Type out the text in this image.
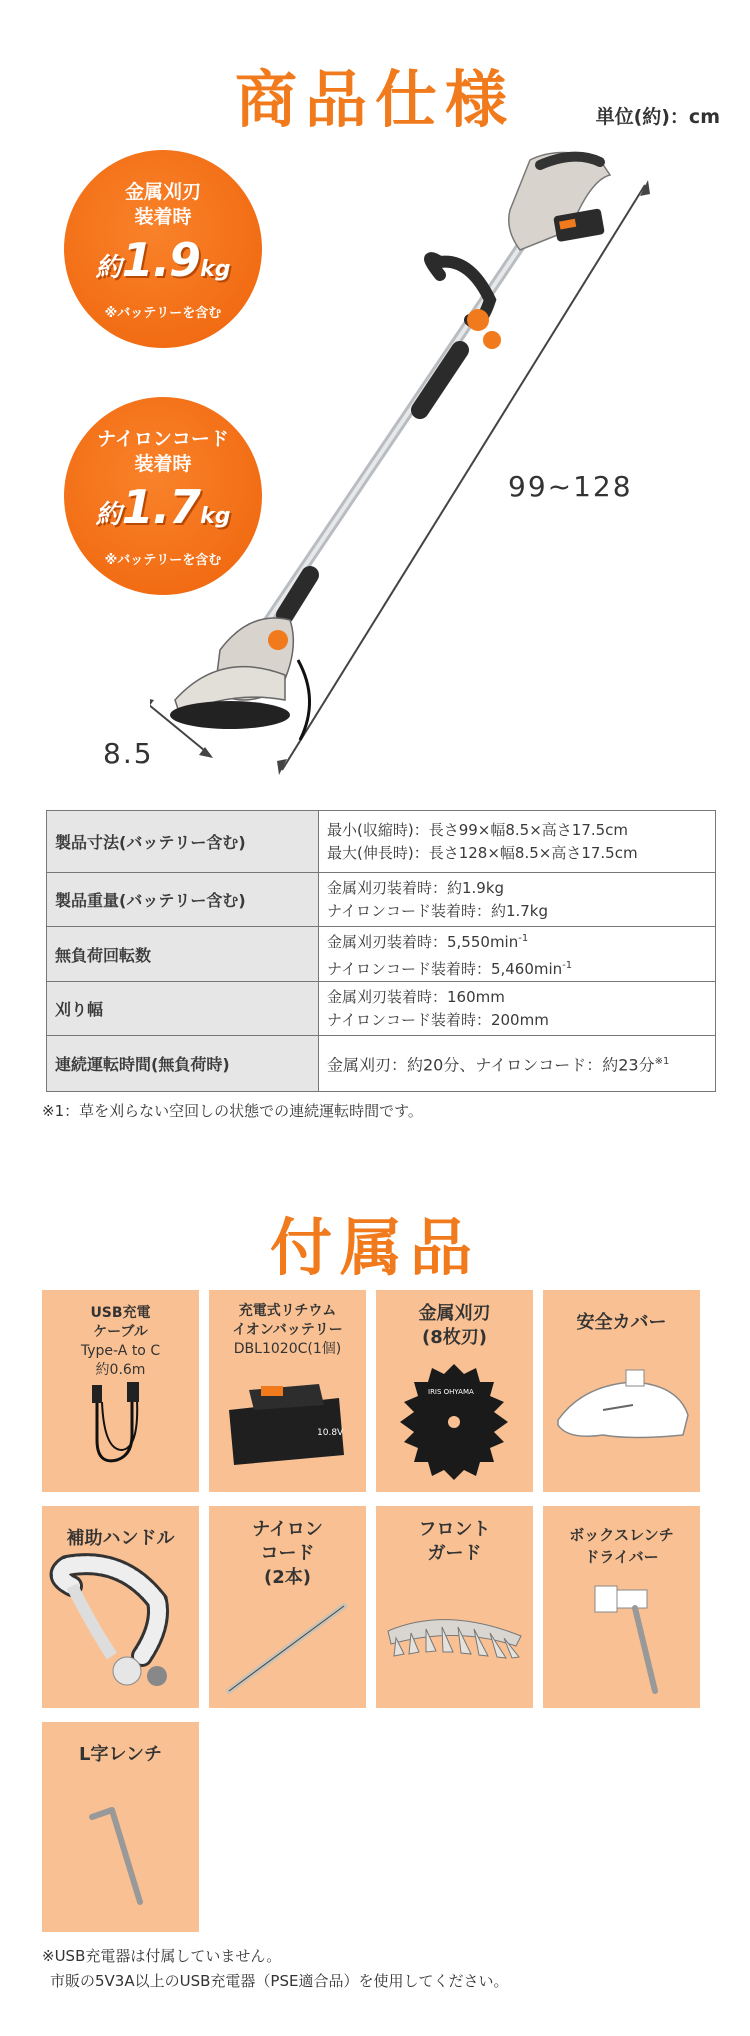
商品仕様	単位(約)：cm
金属刈刃
装着時
約1.9kg
※バッテリーを含む
ナイロンコード
装着時
約1.7kg
※バッテリーを含む
99~128
8.5
製品寸法(バッテリー含む)	最小(収縮時)：長さ99×幅8.5×高さ17.5cm
最大(伸長時)：長さ128×幅8.5×高さ17.5cm
製品重量(バッテリー含む)	金属刈刃装着時：約1.9kg
ナイロンコード装着時：約1.7kg
無負荷回転数	金属刈刃装着時：$5,550\min^{-1}$
ナイロンコード装着時：$5,460\min^{-1}$
刈り幅	金属刈刃装着時：160mm
ナイロンコード装着時：200mm
連続運転時間(無負荷時)	金属刈刃：約20分、ナイロンコード：約23分$^{※1}$
※1：草を刈らない空回しの状態での連続運転時間です。
付属品
USB充電
ケーブル
Type-A to C
約0.6m
充電式リチウム
イオンバッテリー
DBL1020C(1個)
10.8V
金属刈刃
(8枚刃)
IRIS OHYAMA
安全カバー
補助ハンドル	ナイロン
コード
(2本)
フロント
ガード
ボックスレンチ
ドライバー
L字レンチ
※USB充電器は付属していません。
市販の5V3A以上のUSB充電器（PSE適合品）を使用してください。
